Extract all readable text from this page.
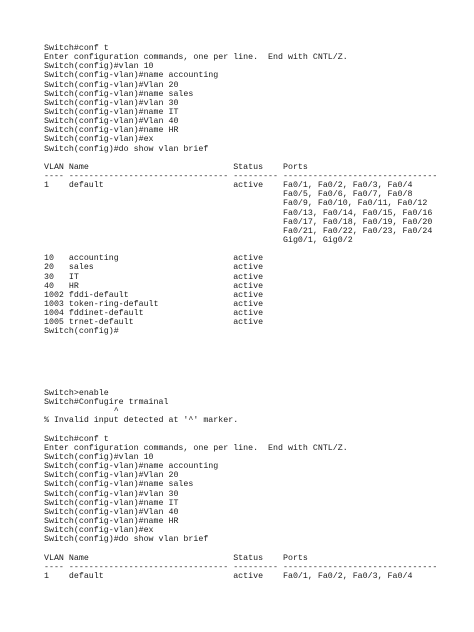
Switch#conf t
Enter configuration commands, one per line.  End with CNTL/Z.
Switch(config)#vlan 10
Switch(config-vlan)#name accounting
Switch(config-vlan)#Vlan 20
Switch(config-vlan)#name sales
Switch(config-vlan)#vlan 30
Switch(config-vlan)#name IT
Switch(config-vlan)#Vlan 40
Switch(config-vlan)#name HR
Switch(config-vlan)#ex
Switch(config)#do show vlan brief

VLAN Name                             Status    Ports
---- -------------------------------- --------- -------------------------------
1    default                          active    Fa0/1, Fa0/2, Fa0/3, Fa0/4
Fa0/5, Fa0/6, Fa0/7, Fa0/8
Fa0/9, Fa0/10, Fa0/11, Fa0/12
Fa0/13, Fa0/14, Fa0/15, Fa0/16
Fa0/17, Fa0/18, Fa0/19, Fa0/20
Fa0/21, Fa0/22, Fa0/23, Fa0/24
Gig0/1, Gig0/2

10   accounting                       active
20   sales                            active
30   IT                               active
40   HR                               active
1002 fddi-default                     active
1003 token-ring-default               active
1004 fddinet-default                  active
1005 trnet-default                    active
Switch(config)#
Switch>enable
Switch#Confugire trmainal
^
% Invalid input detected at '^' marker.

Switch#conf t
Enter configuration commands, one per line.  End with CNTL/Z.
Switch(config)#vlan 10
Switch(config-vlan)#name accounting
Switch(config-vlan)#Vlan 20
Switch(config-vlan)#name sales
Switch(config-vlan)#vlan 30
Switch(config-vlan)#name IT
Switch(config-vlan)#Vlan 40
Switch(config-vlan)#name HR
Switch(config-vlan)#ex
Switch(config)#do show vlan brief

VLAN Name                             Status    Ports
---- -------------------------------- --------- -------------------------------
1    default                          active    Fa0/1, Fa0/2, Fa0/3, Fa0/4
